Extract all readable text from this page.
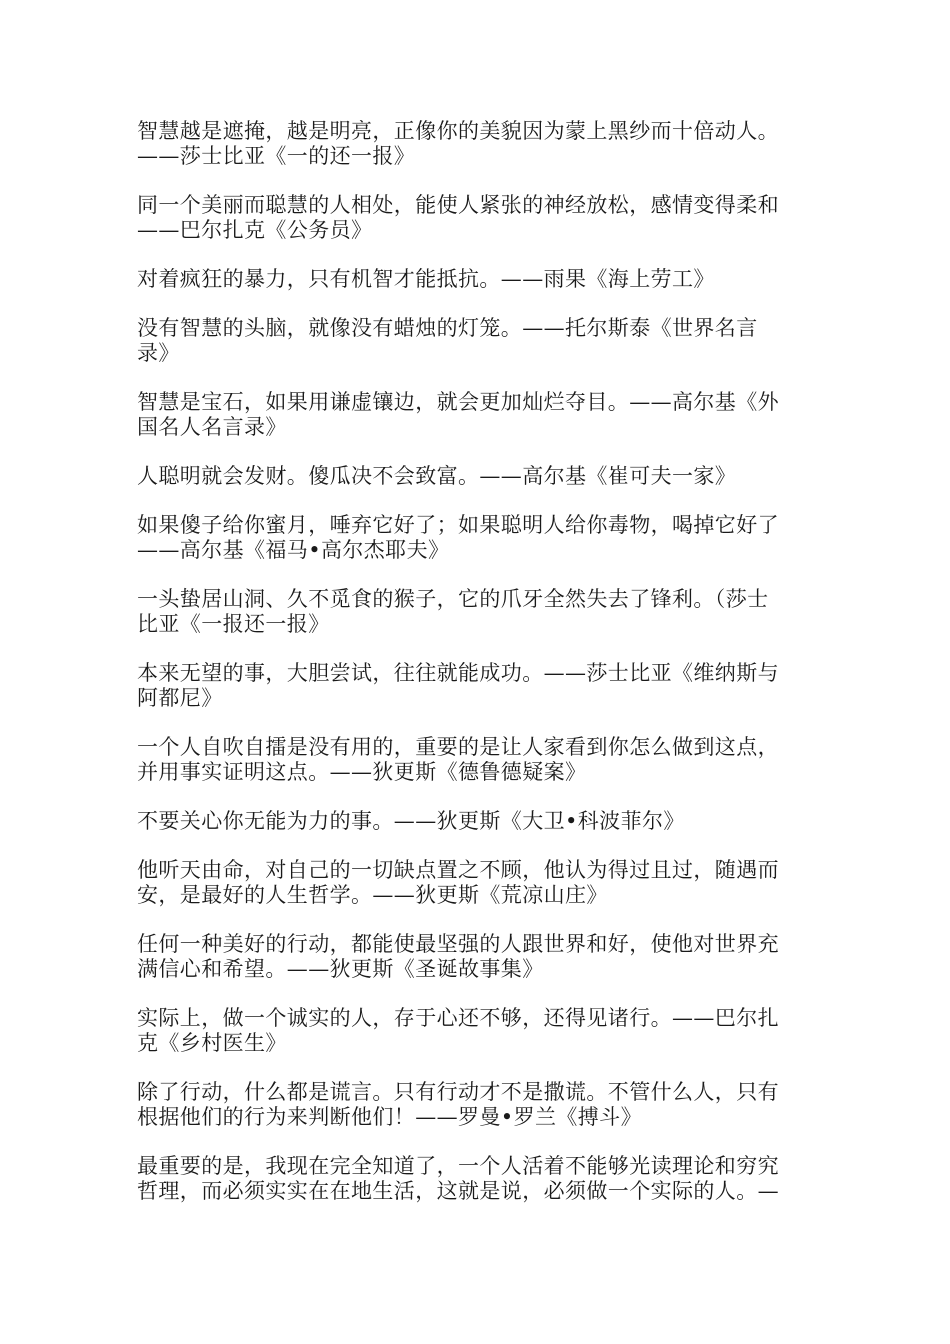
智慧越是遮掩，越是明亮，正像你的美貌因为蒙上黑纱而十倍动人。
——莎士比亚《一的还一报》

同一个美丽而聪慧的人相处，能使人紧张的神经放松，感情变得柔和
——巴尔扎克《公务员》

对着疯狂的暴力，只有机智才能抵抗。——雨果《海上劳工》

没有智慧的头脑，就像没有蜡烛的灯笼。——托尔斯泰《世界名言
录》

智慧是宝石，如果用谦虚镶边，就会更加灿烂夺目。——高尔基《外
国名人名言录》

人聪明就会发财。傻瓜决不会致富。——高尔基《崔可夫一家》

如果傻子给你蜜月，唾弃它好了；如果聪明人给你毒物，喝掉它好了
——高尔基《福马•高尔杰耶夫》

一头蛰居山洞、久不觅食的猴子，它的爪牙全然失去了锋利。（莎士
比亚《一报还一报》

本来无望的事，大胆尝试，往往就能成功。——莎士比亚《维纳斯与
阿都尼》

一个人自吹自擂是没有用的，重要的是让人家看到你怎么做到这点，
并用事实证明这点。——狄更斯《德鲁德疑案》

不要关心你无能为力的事。——狄更斯《大卫•科波菲尔》

他听天由命，对自己的一切缺点置之不顾，他认为得过且过，随遇而
安，是最好的人生哲学。——狄更斯《荒凉山庄》

任何一种美好的行动，都能使最坚强的人跟世界和好，使他对世界充
满信心和希望。——狄更斯《圣诞故事集》

实际上，做一个诚实的人，存于心还不够，还得见诸行。——巴尔扎
克《乡村医生》

除了行动，什么都是谎言。只有行动才不是撒谎。不管什么人，只有
根据他们的行为来判断他们！——罗曼•罗兰《搏斗》

最重要的是，我现在完全知道了，一个人活着不能够光读理论和穷究
哲理，而必须实实在在地生活，这就是说，必须做一个实际的人。—
